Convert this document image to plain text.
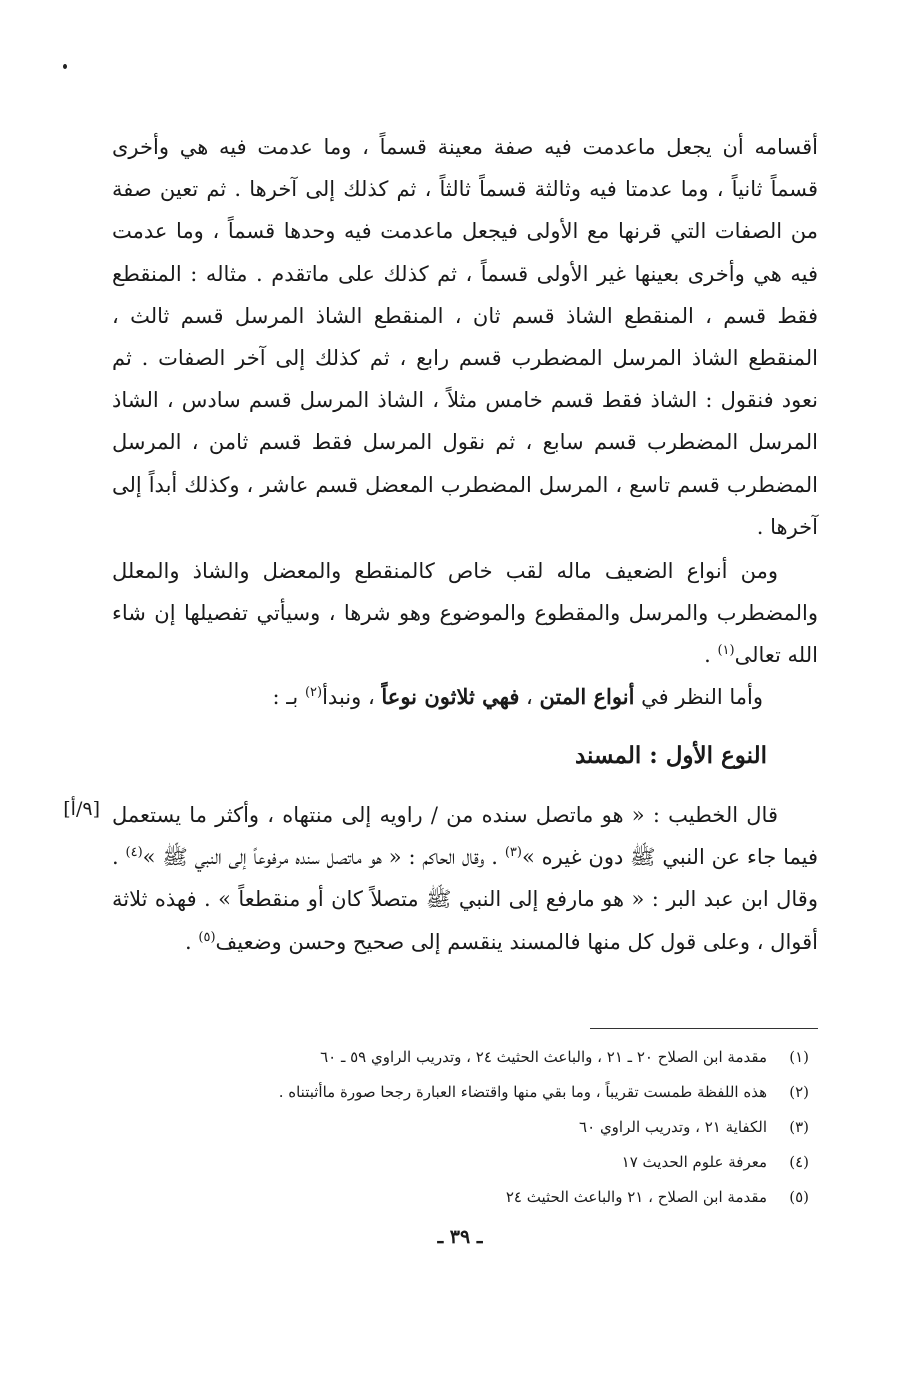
أقسامه أن يجعل ماعدمت فيه صفة معينة قسماً ، وما عدمت فيه هي وأخرى قسماً ثانياً ، وما عدمتا فيه وثالثة قسماً ثالثاً ، ثم كذلك إلى آخرها . ثم تعين صفة من الصفات التي قرنها مع الأولى فيجعل ماعدمت فيه وحدها قسماً ، وما عدمت فيه هي وأخرى بعينها غير الأولى قسماً ، ثم كذلك على ماتقدم . مثاله : المنقطع فقط قسم ، المنقطع الشاذ قسم ثان ، المنقطع الشاذ المرسل قسم ثالث ، المنقطع الشاذ المرسل المضطرب قسم رابع ، ثم كذلك إلى آخر الصفات . ثم نعود فنقول : الشاذ فقط قسم خامس مثلاً ، الشاذ المرسل قسم سادس ، الشاذ المرسل المضطرب قسم سابع ، ثم نقول المرسل فقط قسم ثامن ، المرسل المضطرب قسم تاسع ، المرسل المضطرب المعضل قسم عاشر ، وكذلك أبداً إلى آخرها .

ومن أنواع الضعيف ماله لقب خاص كالمنقطع والمعضل والشاذ والمعلل والمضطرب والمرسل والمقطوع والموضوع وهو شرها ، وسيأتي تفصيلها إن شاء الله تعالى$^{(١)}$ .

وأما النظر في أنواع المتن ، فهي ثلاثون نوعاً ، ونبدأ$^{(٢)}$ بـ :

النوع الأول : المسند
[٩/أ] قال الخطيب : « هو ماتصل سنده من / راويه إلى منتهاه ، وأكثر ما يستعمل فيما جاء عن النبي ﷺ دون غيره »$^{(٣)}$ . وقال الحاكم : « هو ماتصل سنده مرفوعاً إلى النبي ﷺ »$^{(٤)}$ . وقال ابن عبد البر : « هو مارفع إلى النبي ﷺ متصلاً كان أو منقطعاً » . فهذه ثلاثة أقوال ، وعلى قول كل منها فالمسند ينقسم إلى صحيح وحسن وضعيف$^{(٥)}$ .

(١)
مقدمة ابن الصلاح ٢٠ ـ ٢١ ، والباعث الحثيث ٢٤ ، وتدريب الراوي ٥٩ ـ ٦٠
(٢)
هذه اللفظة طمست تقريباً ، وما بقي منها واقتضاء العبارة رجحا صورة ماأثبتناه .
(٣)
الكفاية ٢١ ، وتدريب الراوي ٦٠
(٤)
معرفة علوم الحديث ١٧
(٥)
مقدمة ابن الصلاح ، ٢١ والباعث الحثيث ٢٤
ـ ٣٩ ـ
